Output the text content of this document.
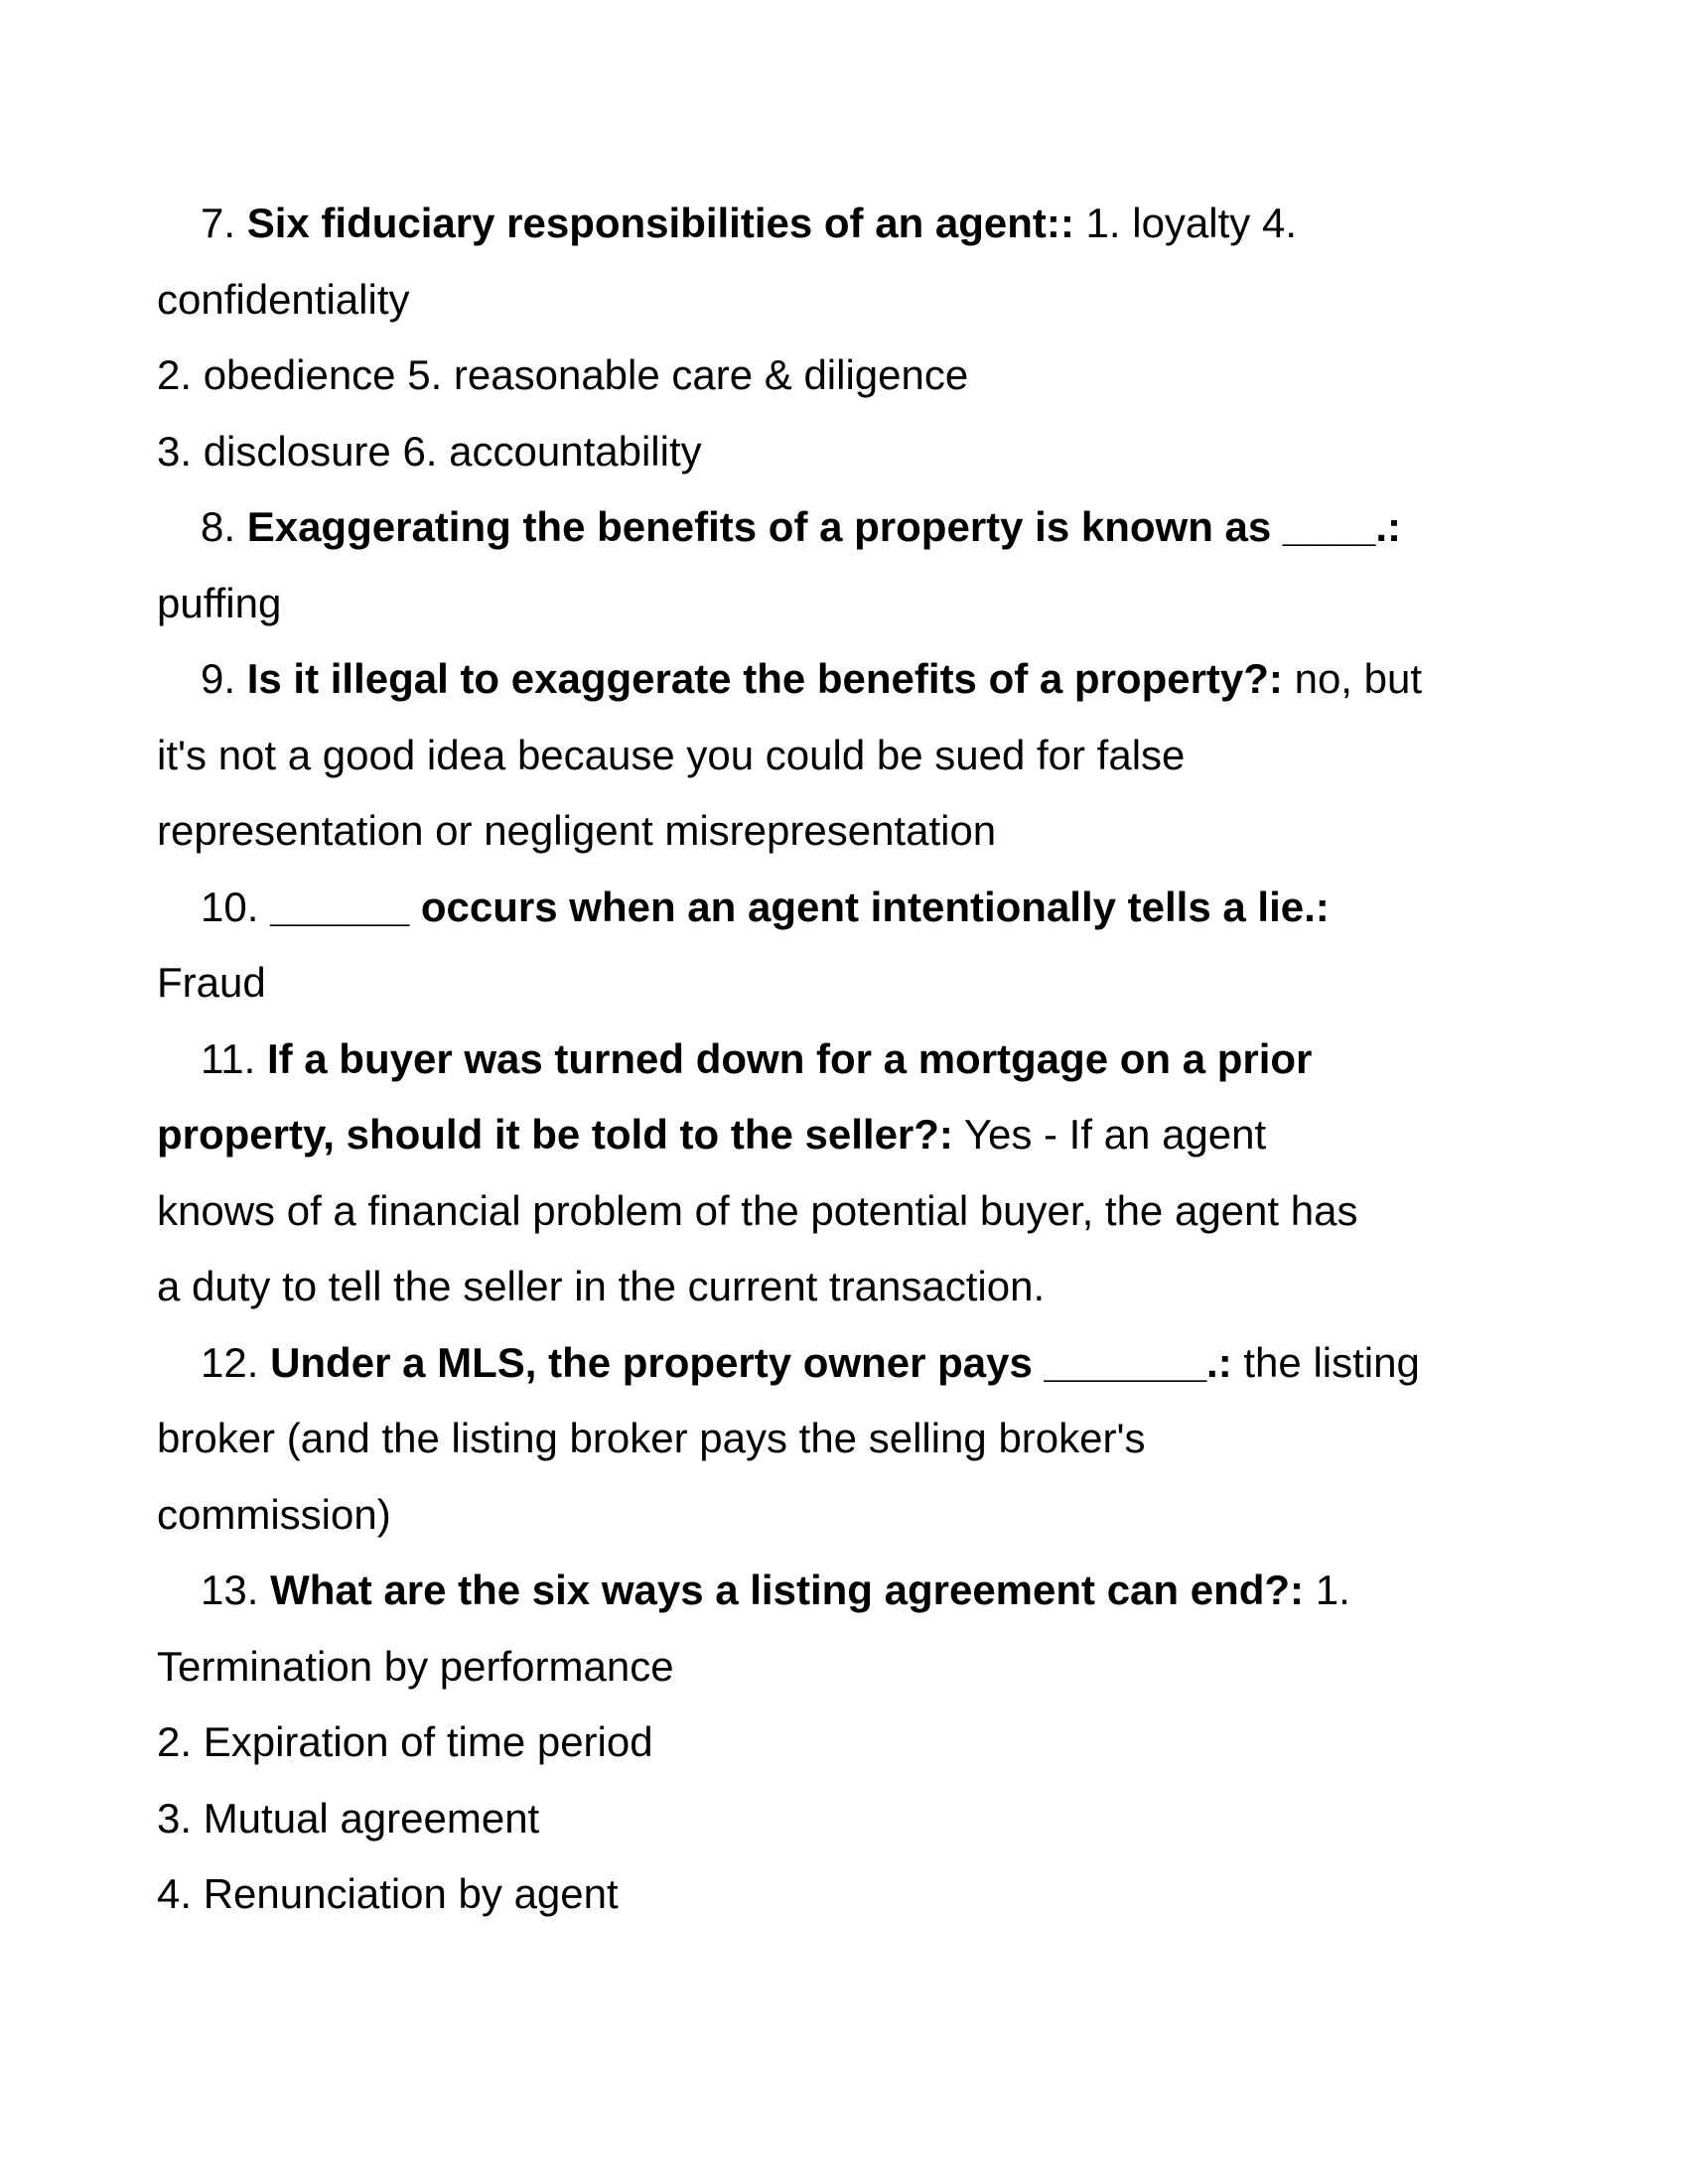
7. Six fiduciary responsibilities of an agent:: 1. loyalty 4.
confidentiality
2. obedience 5. reasonable care & diligence
3. disclosure 6. accountability
8. Exaggerating the benefits of a property is known as ____.:
puffing
9. Is it illegal to exaggerate the benefits of a property?: no, but
it's not a good idea because you could be sued for false
representation or negligent misrepresentation
10. ______ occurs when an agent intentionally tells a lie.:
Fraud
11. If a buyer was turned down for a mortgage on a prior
property, should it be told to the seller?: Yes - If an agent
knows of a financial problem of the potential buyer, the agent has
a duty to tell the seller in the current transaction.
12. Under a MLS, the property owner pays _______.: the listing
broker (and the listing broker pays the selling broker's
commission)
13. What are the six ways a listing agreement can end?: 1.
Termination by performance
2. Expiration of time period
3. Mutual agreement
4. Renunciation by agent
